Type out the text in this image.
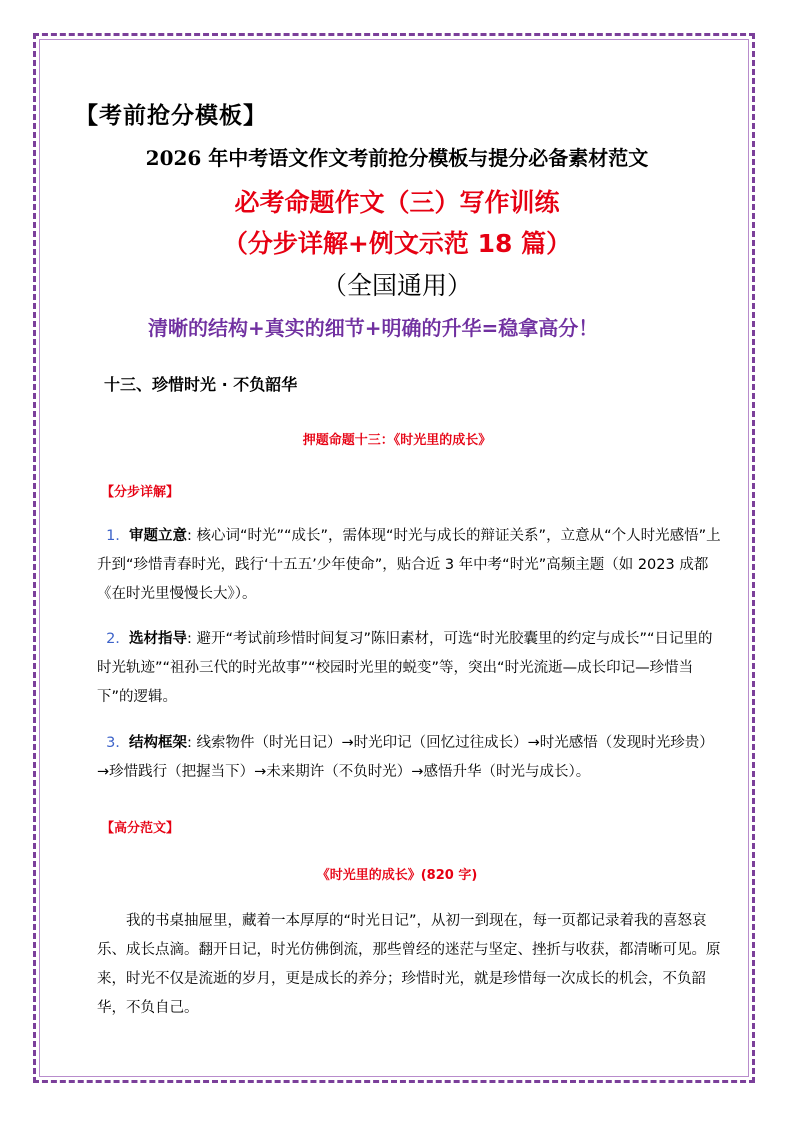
【考前抢分模板】
2026 年中考语文作文考前抢分模板与提分必备素材范文
必考命题作文（三）写作训练
（分步详解+例文示范 18 篇）
（全国通用）
清晰的结构+真实的细节+明确的升华=稳拿高分！
十三、珍惜时光 · 不负韶华
押题命题十三：《时光里的成长》
【分步详解】
1. 审题立意: 核心词“时光”“成长”，需体现“时光与成长的辩证关系”，立意从“个人时光感悟”上升到“珍惜青春时光，践行‘十五五’少年使命”，贴合近 3 年中考“时光”高频主题（如 2023 成都《在时光里慢慢长大》）。
2. 选材指导: 避开“考试前珍惜时间复习”陈旧素材，可选“时光胶囊里的约定与成长”“日记里的时光轨迹”“祖孙三代的时光故事”“校园时光里的蜕变”等，突出“时光流逝—成长印记—珍惜当下”的逻辑。
3. 结构框架: 线索物件（时光日记）→时光印记（回忆过往成长）→时光感悟（发现时光珍贵）→珍惜践行（把握当下）→未来期许（不负时光）→感悟升华（时光与成长）。
【高分范文】
《时光里的成长》(820 字)
我的书桌抽屉里，藏着一本厚厚的“时光日记”，从初一到现在，每一页都记录着我的喜怒哀乐、成长点滴。翻开日记，时光仿佛倒流，那些曾经的迷茫与坚定、挫折与收获，都清晰可见。原来，时光不仅是流逝的岁月，更是成长的养分；珍惜时光，就是珍惜每一次成长的机会，不负韶华，不负自己。
